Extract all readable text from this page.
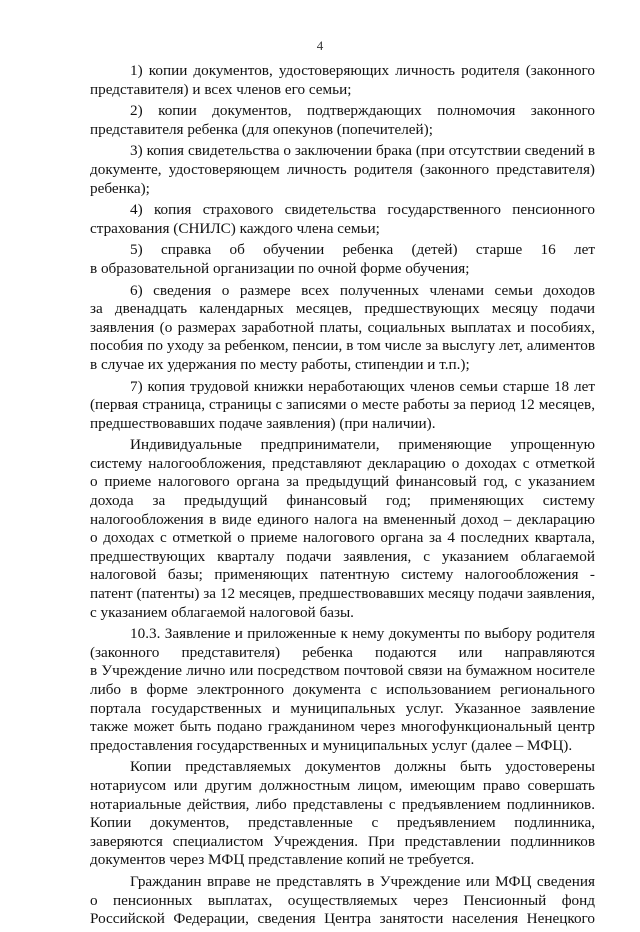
4
1) копии документов, удостоверяющих личность родителя (законного
представителя) и всех членов его семьи;
2) копии документов, подтверждающих полномочия законного
представителя ребенка (для опекунов (попечителей);
3) копия свидетельства о заключении брака (при отсутствии сведений в
документе, удостоверяющем личность родителя (законного представителя)
ребенка);
4) копия страхового свидетельства государственного пенсионного
страхования (СНИЛС) каждого члена семьи;
5) справка об обучении ребенка (детей) старше 16 лет
в образовательной организации по очной форме обучения;
6) сведения о размере всех полученных членами семьи доходов
за двенадцать календарных месяцев, предшествующих месяцу подачи
заявления (о размерах заработной платы, социальных выплатах и пособиях,
пособия по уходу за ребенком, пенсии, в том числе за выслугу лет, алиментов
в случае их удержания по месту работы, стипендии и т.п.);
7) копия трудовой книжки неработающих членов семьи старше 18 лет
(первая страница, страницы с записями о месте работы за период 12 месяцев,
предшествовавших подаче заявления) (при наличии).
Индивидуальные предприниматели, применяющие упрощенную
систему налогообложения, представляют декларацию о доходах с отметкой
о приеме налогового органа за предыдущий финансовый год, с указанием
дохода за предыдущий финансовый год; применяющих систему
налогообложения в виде единого налога на вмененный доход – декларацию
о доходах с отметкой о приеме налогового органа за 4 последних квартала,
предшествующих кварталу подачи заявления, с указанием облагаемой
налоговой базы; применяющих патентную систему налогообложения -
патент (патенты) за 12 месяцев, предшествовавших месяцу подачи заявления,
с указанием облагаемой налоговой базы.
10.3. Заявление и приложенные к нему документы по выбору родителя
(законного представителя) ребенка подаются или направляются
в Учреждение лично или посредством почтовой связи на бумажном носителе
либо в форме электронного документа с использованием регионального
портала государственных и муниципальных услуг. Указанное заявление
также может быть подано гражданином через многофункциональный центр
предоставления государственных и муниципальных услуг (далее – МФЦ).
Копии представляемых документов должны быть удостоверены
нотариусом или другим должностным лицом, имеющим право совершать
нотариальные действия, либо представлены с предъявлением подлинников.
Копии документов, представленные с предъявлением подлинника,
заверяются специалистом Учреждения. При представлении подлинников
документов через МФЦ представление копий не требуется.
Гражданин вправе не представлять в Учреждение или МФЦ сведения
о пенсионных выплатах, осуществляемых через Пенсионный фонд
Российской Федерации, сведения Центра занятости населения Ненецкого
